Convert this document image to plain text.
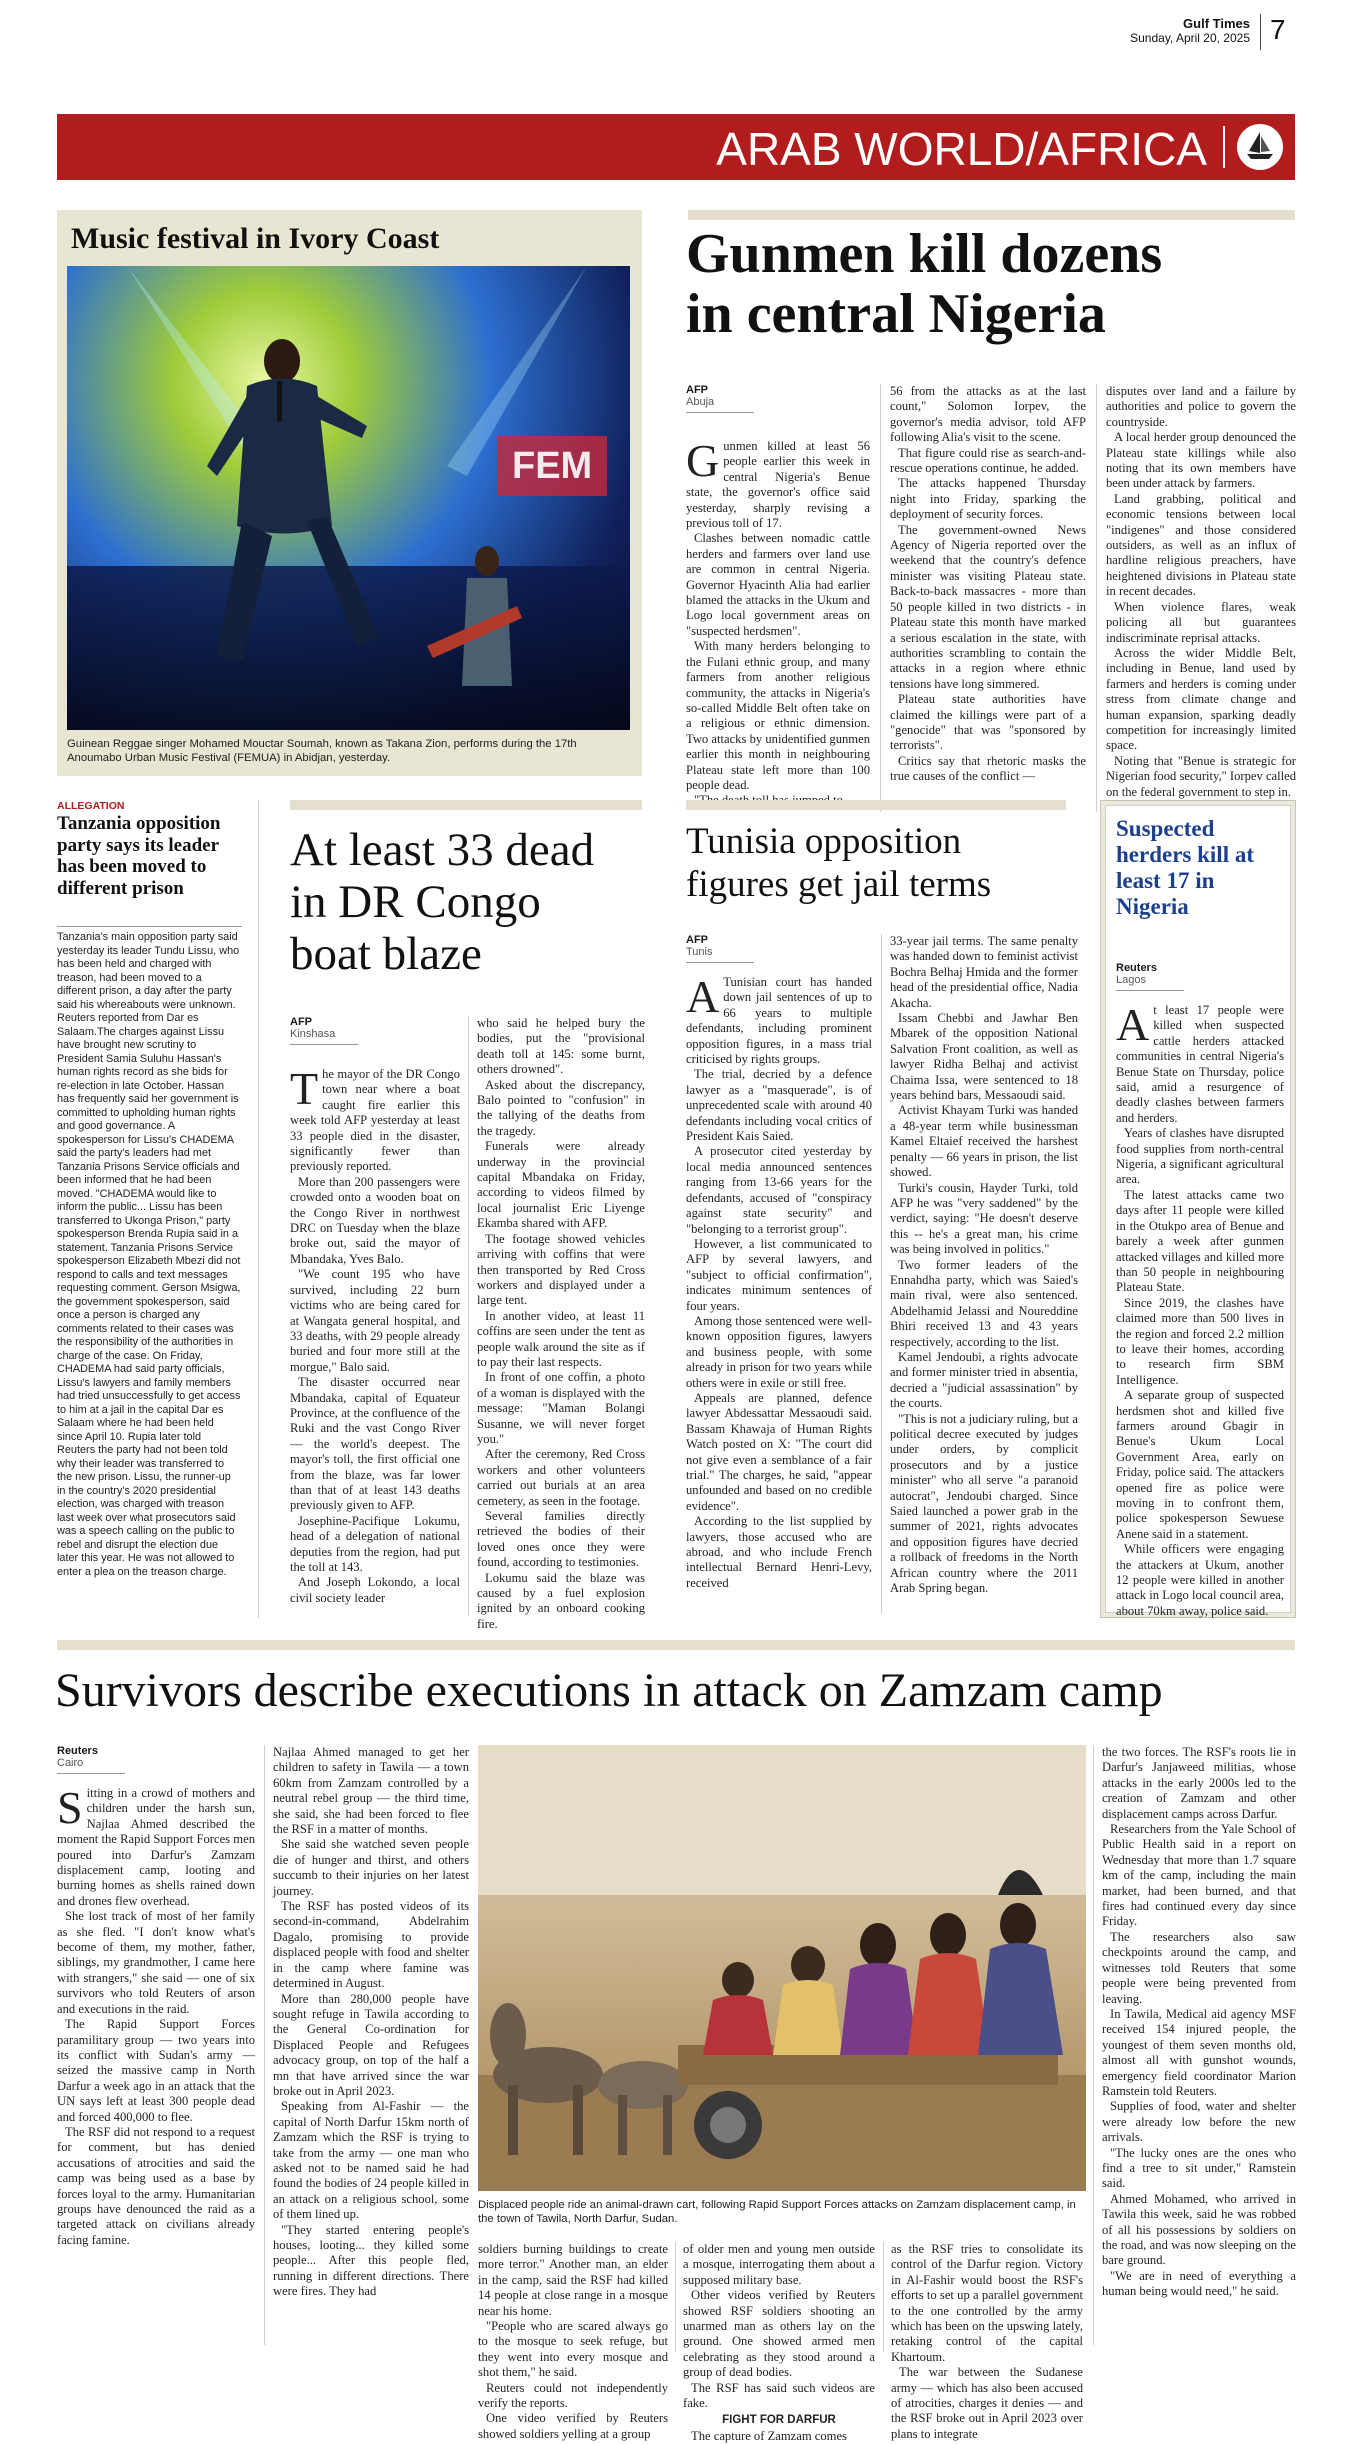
Gulf Times
Sunday, April 20, 2025 7
ARAB WORLD/AFRICA
Music festival in Ivory Coast
FEM
Guinean Reggae singer Mohamed Mouctar Soumah, known as Takana Zion, performs during the 17th Anoumabo Urban Music Festival (FEMUA) in Abidjan, yesterday.
Gunmen kill dozens
in central Nigeria
AFP
Abuja
G unmen killed at least 56 people earlier this week in central Nigeria's Benue state, the governor's office said yesterday, sharply revising a previous toll of 17.

Clashes between nomadic cattle herders and farmers over land use are common in central Nigeria. Governor Hyacinth Alia had earlier blamed the attacks in the Ukum and Logo local government areas on "suspected herdsmen".

With many herders belonging to the Fulani ethnic group, and many farmers from another religious community, the attacks in Nigeria's so-called Middle Belt often take on a religious or ethnic dimension. Two attacks by unidentified gunmen earlier this month in neighbouring Plateau state left more than 100 people dead.

56 from the attacks as at the last count," Solomon Iorpev, the governor's media advisor, told AFP following Alia's visit to the scene.

That figure could rise as search-and-rescue operations continue, he added.

The attacks happened Thursday night into Friday, sparking the deployment of security forces.

The government-owned News Agency of Nigeria reported over the weekend that the country's defence minister was visiting Plateau state. Back-to-back massacres - more than 50 people killed in two districts - in Plateau state this month have marked a serious escalation in the state, with authorities scrambling to contain the attacks in a region where ethnic tensions have long simmered.

Plateau state authorities have claimed the killings were part of a "genocide" that was "sponsored by terrorists".

Critics say that rhetoric masks the true causes of the conflict —

disputes over land and a failure by authorities and police to govern the countryside.

A local herder group denounced the Plateau state killings while also noting that its own members have been under attack by farmers.

Land grabbing, political and economic tensions between local "indigenes" and those considered outsiders, as well as an influx of hardline religious preachers, have heightened divisions in Plateau state in recent decades.

When violence flares, weak policing all but guarantees indiscriminate reprisal attacks.

Across the wider Middle Belt, including in Benue, land used by farmers and herders is coming under stress from climate change and human expansion, sparking deadly competition for increasingly limited space.

Noting that "Benue is strategic for Nigerian food security," Iorpev called on the federal government to step in.

ALLEGATION
Tanzania opposition party says its leader has been moved to different prison
Tanzania's main opposition party said yesterday its leader Tundu Lissu, who has been held and charged with treason, had been moved to a different prison, a day after the party said his whereabouts were unknown. Reuters reported from Dar es Salaam.The charges against Lissu have brought new scrutiny to President Samia Suluhu Hassan's human rights record as she bids for re-election in late October. Hassan has frequently said her government is committed to upholding human rights and good governance. A spokesperson for Lissu's CHADEMA said the party's leaders had met Tanzania Prisons Service officials and been informed that he had been moved. "CHADEMA would like to inform the public... Lissu has been transferred to Ukonga Prison," party spokesperson Brenda Rupia said in a statement. Tanzania Prisons Service spokesperson Elizabeth Mbezi did not respond to calls and text messages requesting comment. Gerson Msigwa, the government spokesperson, said once a person is charged any comments related to their cases was the responsibility of the authorities in charge of the case. On Friday, CHADEMA had said party officials, Lissu's lawyers and family members had tried unsuccessfully to get access to him at a jail in the capital Dar es Salaam where he had been held since April 10. Rupia later told Reuters the party had not been told why their leader was transferred to the new prison. Lissu, the runner-up in the country's 2020 presidential election, was charged with treason last week over what prosecutors said was a speech calling on the public to rebel and disrupt the election due later this year. He was not allowed to enter a plea on the treason charge.
At least 33 dead
in DR Congo
boat blaze
AFP
Kinshasa
T he mayor of the DR Congo town near where a boat caught fire earlier this week told AFP yesterday at least 33 people died in the disaster, significantly fewer than previously reported.

More than 200 passengers were crowded onto a wooden boat on the Congo River in northwest DRC on Tuesday when the blaze broke out, said the mayor of Mbandaka, Yves Balo.

"We count 195 who have survived, including 22 burn victims who are being cared for at Wangata general hospital, and 33 deaths, with 29 people already buried and four more still at the morgue," Balo said.

The disaster occurred near Mbandaka, capital of Equateur Province, at the confluence of the Ruki and the vast Congo River — the world's deepest. The mayor's toll, the first official one from the blaze, was far lower than that of at least 143 deaths previously given to AFP.

Josephine-Pacifique Lokumu, head of a delegation of national deputies from the region, had put the toll at 143.

And Joseph Lokondo, a local civil society leader

who said he helped bury the bodies, put the "provisional death toll at 145: some burnt, others drowned".

Asked about the discrepancy, Balo pointed to "confusion" in the tallying of the deaths from the tragedy.

Funerals were already underway in the provincial capital Mbandaka on Friday, according to videos filmed by local journalist Eric Liyenge Ekamba shared with AFP.

The footage showed vehicles arriving with coffins that were then transported by Red Cross workers and displayed under a large tent.

In another video, at least 11 coffins are seen under the tent as people walk around the site as if to pay their last respects.

In front of one coffin, a photo of a woman is displayed with the message: "Maman Bolangi Susanne, we will never forget you."

After the ceremony, Red Cross workers and other volunteers carried out burials at an area cemetery, as seen in the footage.

Several families directly retrieved the bodies of their loved ones once they were found, according to testimonies.

Lokumu said the blaze was caused by a fuel explosion ignited by an onboard cooking fire.

Tunisia opposition
figures get jail terms
AFP
Tunis
A Tunisian court has handed down jail sentences of up to 66 years to multiple defendants, including prominent opposition figures, in a mass trial criticised by rights groups.

The trial, decried by a defence lawyer as a "masquerade", is of unprecedented scale with around 40 defendants including vocal critics of President Kais Saied.

A prosecutor cited yesterday by local media announced sentences ranging from 13-66 years for the defendants, accused of "conspiracy against state security" and "belonging to a terrorist group".

However, a list communicated to AFP by several lawyers, and "subject to official confirmation", indicates minimum sentences of four years.

Among those sentenced were well-known opposition figures, lawyers and business people, with some already in prison for two years while others were in exile or still free.

Appeals are planned, defence lawyer Abdessattar Messaoudi said. Bassam Khawaja of Human Rights Watch posted on X: "The court did not give even a semblance of a fair trial." The charges, he said, "appear unfounded and based on no credible evidence".

According to the list supplied by lawyers, those accused who are abroad, and who include French intellectual Bernard Henri-Levy, received

33-year jail terms. The same penalty was handed down to feminist activist Bochra Belhaj Hmida and the former head of the presidential office, Nadia Akacha.

Issam Chebbi and Jawhar Ben Mbarek of the opposition National Salvation Front coalition, as well as lawyer Ridha Belhaj and activist Chaima Issa, were sentenced to 18 years behind bars, Messaoudi said.

Activist Khayam Turki was handed a 48-year term while businessman Kamel Eltaief received the harshest penalty — 66 years in prison, the list showed.

Turki's cousin, Hayder Turki, told AFP he was "very saddened" by the verdict, saying: "He doesn't deserve this -- he's a great man, his crime was being involved in politics."

Two former leaders of the Ennahdha party, which was Saied's main rival, were also sentenced. Abdelhamid Jelassi and Noureddine Bhiri received 13 and 43 years respectively, according to the list.

Kamel Jendoubi, a rights advocate and former minister tried in absentia, decried a "judicial assassination" by the courts.

"This is not a judiciary ruling, but a political decree executed by judges under orders, by complicit prosecutors and by a justice minister" who all serve "a paranoid autocrat", Jendoubi charged. Since Saied launched a power grab in the summer of 2021, rights advocates and opposition figures have decried a rollback of freedoms in the North African country where the 2011 Arab Spring began.

Suspected herders kill at least 17 in Nigeria
Reuters
Lagos
A t least 17 people were killed when suspected cattle herders attacked communities in central Nigeria's Benue State on Thursday, police said, amid a resurgence of deadly clashes between farmers and herders.

Years of clashes have disrupted food supplies from north-central Nigeria, a significant agricultural area.

The latest attacks came two days after 11 people were killed in the Otukpo area of Benue and barely a week after gunmen attacked villages and killed more than 50 people in neighbouring Plateau State.

Since 2019, the clashes have claimed more than 500 lives in the region and forced 2.2 million to leave their homes, according to research firm SBM Intelligence.

A separate group of suspected herdsmen shot and killed five farmers around Gbagir in Benue's Ukum Local Government Area, early on Friday, police said. The attackers opened fire as police were moving in to confront them, police spokesperson Sewuese Anene said in a statement.

While officers were engaging the attackers at Ukum, another 12 people were killed in another attack in Logo local council area, about 70km away, police said.

Survivors describe executions in attack on Zamzam camp
Reuters
Cairo
S itting in a crowd of mothers and children under the harsh sun, Najlaa Ahmed described the moment the Rapid Support Forces men poured into Darfur's Zamzam displacement camp, looting and burning homes as shells rained down and drones flew overhead.

She lost track of most of her family as she fled. "I don't know what's become of them, my mother, father, siblings, my grandmother, I came here with strangers," she said — one of six survivors who told Reuters of arson and executions in the raid.

The Rapid Support Forces paramilitary group — two years into its conflict with Sudan's army — seized the massive camp in North Darfur a week ago in an attack that the UN says left at least 300 people dead and forced 400,000 to flee.

The RSF did not respond to a request for comment, but has denied accusations of atrocities and said the camp was being used as a base by forces loyal to the army. Humanitarian groups have denounced the raid as a targeted attack on civilians already facing famine.

Najlaa Ahmed managed to get her children to safety in Tawila — a town 60km from Zamzam controlled by a neutral rebel group — the third time, she said, she had been forced to flee the RSF in a matter of months.

She said she watched seven people die of hunger and thirst, and others succumb to their injuries on her latest journey.

The RSF has posted videos of its second-in-command, Abdelrahim Dagalo, promising to provide displaced people with food and shelter in the camp where famine was determined in August.

More than 280,000 people have sought refuge in Tawila according to the General Co-ordination for Displaced People and Refugees advocacy group, on top of the half a mn that have arrived since the war broke out in April 2023.

Speaking from Al-Fashir — the capital of North Darfur 15km north of Zamzam which the RSF is trying to take from the army — one man who asked not to be named said he had found the bodies of 24 people killed in an attack on a religious school, some of them lined up.

"They started entering people's houses, looting... they killed some people... After this people fled, running in different directions. There were fires. They had

Displaced people ride an animal-drawn cart, following Rapid Support Forces attacks on Zamzam displacement camp, in the town of Tawila, North Darfur, Sudan.

soldiers burning buildings to create more terror." Another man, an elder in the camp, said the RSF had killed 14 people at close range in a mosque near his home.

"People who are scared always go to the mosque to seek refuge, but they went into every mosque and shot them," he said.

Reuters could not independently verify the reports.

One video verified by Reuters showed soldiers yelling at a group

of older men and young men outside a mosque, interrogating them about a supposed military base.

Other videos verified by Reuters showed RSF soldiers shooting an unarmed man as others lay on the ground. One showed armed men celebrating as they stood around a group of dead bodies.

The RSF has said such videos are fake.

FIGHT FOR DARFUR

The capture of Zamzam comes

as the RSF tries to consolidate its control of the Darfur region. Victory in Al-Fashir would boost the RSF's efforts to set up a parallel government to the one controlled by the army which has been on the upswing lately, retaking control of the capital Khartoum.

The war between the Sudanese army — which has also been accused of atrocities, charges it denies — and the RSF broke out in April 2023 over plans to integrate

the two forces. The RSF's roots lie in Darfur's Janjaweed militias, whose attacks in the early 2000s led to the creation of Zamzam and other displacement camps across Darfur.

Researchers from the Yale School of Public Health said in a report on Wednesday that more than 1.7 square km of the camp, including the main market, had been burned, and that fires had continued every day since Friday.

The researchers also saw checkpoints around the camp, and witnesses told Reuters that some people were being prevented from leaving.

In Tawila, Medical aid agency MSF received 154 injured people, the youngest of them seven months old, almost all with gunshot wounds, emergency field coordinator Marion Ramstein told Reuters.

Supplies of food, water and shelter were already low before the new arrivals.

"The lucky ones are the ones who find a tree to sit under," Ramstein said.

Ahmed Mohamed, who arrived in Tawila this week, said he was robbed of all his possessions by soldiers on the road, and was now sleeping on the bare ground.

"We are in need of everything a human being would need," he said.
